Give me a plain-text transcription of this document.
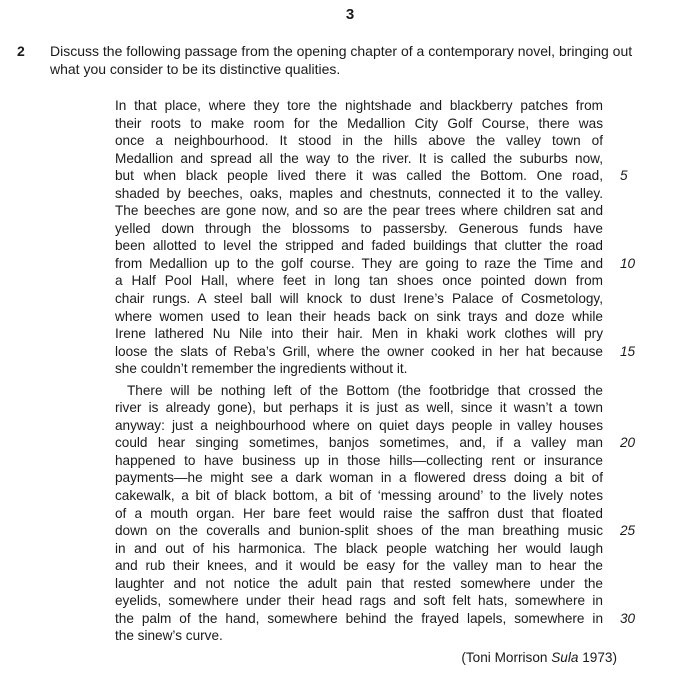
3
2 Discuss the following passage from the opening chapter of a contemporary novel, bringing out
what you consider to be its distinctive qualities.
In that place, where they tore the nightshade and blackberry patches from
their roots to make room for the Medallion City Golf Course, there was
once a neighbourhood. It stood in the hills above the valley town of
Medallion and spread all the way to the river. It is called the suburbs now,
but when black people lived there it was called the Bottom. One road, 5
shaded by beeches, oaks, maples and chestnuts, connected it to the valley.
The beeches are gone now, and so are the pear trees where children sat and
yelled down through the blossoms to passersby. Generous funds have
been allotted to level the stripped and faded buildings that clutter the road
from Medallion up to the golf course. They are going to raze the Time and 10
a Half Pool Hall, where feet in long tan shoes once pointed down from
chair rungs. A steel ball will knock to dust Irene’s Palace of Cosmetology,
where women used to lean their heads back on sink trays and doze while
Irene lathered Nu Nile into their hair. Men in khaki work clothes will pry
loose the slats of Reba’s Grill, where the owner cooked in her hat because 15
she couldn’t remember the ingredients without it.
There will be nothing left of the Bottom (the footbridge that crossed the
river is already gone), but perhaps it is just as well, since it wasn’t a town
anyway: just a neighbourhood where on quiet days people in valley houses
could hear singing sometimes, banjos sometimes, and, if a valley man 20
happened to have business up in those hills—collecting rent or insurance
payments—he might see a dark woman in a flowered dress doing a bit of
cakewalk, a bit of black bottom, a bit of ‘messing around’ to the lively notes
of a mouth organ. Her bare feet would raise the saffron dust that floated
down on the coveralls and bunion-split shoes of the man breathing music 25
in and out of his harmonica. The black people watching her would laugh
and rub their knees, and it would be easy for the valley man to hear the
laughter and not notice the adult pain that rested somewhere under the
eyelids, somewhere under their head rags and soft felt hats, somewhere in
the palm of the hand, somewhere behind the frayed lapels, somewhere in 30
the sinew’s curve.
(Toni Morrison Sula 1973)
